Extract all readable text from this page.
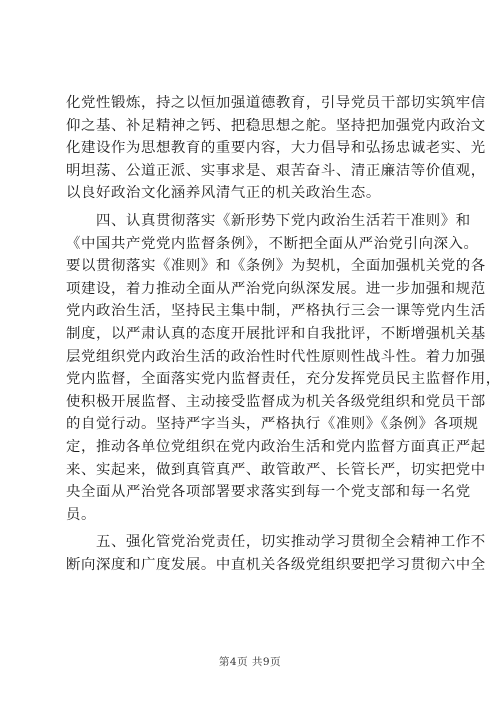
化党性锻炼，持之以恒加强道德教育，引导党员干部切实筑牢信
仰之基、补足精神之钙、把稳思想之舵。坚持把加强党内政治文
化建设作为思想教育的重要内容，大力倡导和弘扬忠诚老实、光
明坦荡、公道正派、实事求是、艰苦奋斗、清正廉洁等价值观，
以良好政治文化涵养风清气正的机关政治生态。
　　四、认真贯彻落实《新形势下党内政治生活若干准则》和
《中国共产党党内监督条例》，不断把全面从严治党引向深入。
要以贯彻落实《准则》和《条例》为契机，全面加强机关党的各
项建设，着力推动全面从严治党向纵深发展。进一步加强和规范
党内政治生活，坚持民主集中制，严格执行三会一课等党内生活
制度，以严肃认真的态度开展批评和自我批评，不断增强机关基
层党组织党内政治生活的政治性时代性原则性战斗性。着力加强
党内监督，全面落实党内监督责任，充分发挥党员民主监督作用，
使积极开展监督、主动接受监督成为机关各级党组织和党员干部
的自觉行动。坚持严字当头，严格执行《准则》《条例》各项规
定，推动各单位党组织在党内政治生活和党内监督方面真正严起
来、实起来，做到真管真严、敢管敢严、长管长严，切实把党中
央全面从严治党各项部署要求落实到每一个党支部和每一名党
员。
　　五、强化管党治党责任，切实推动学习贯彻全会精神工作不
断向深度和广度发展。中直机关各级党组织要把学习贯彻六中全
第4页 共9页
